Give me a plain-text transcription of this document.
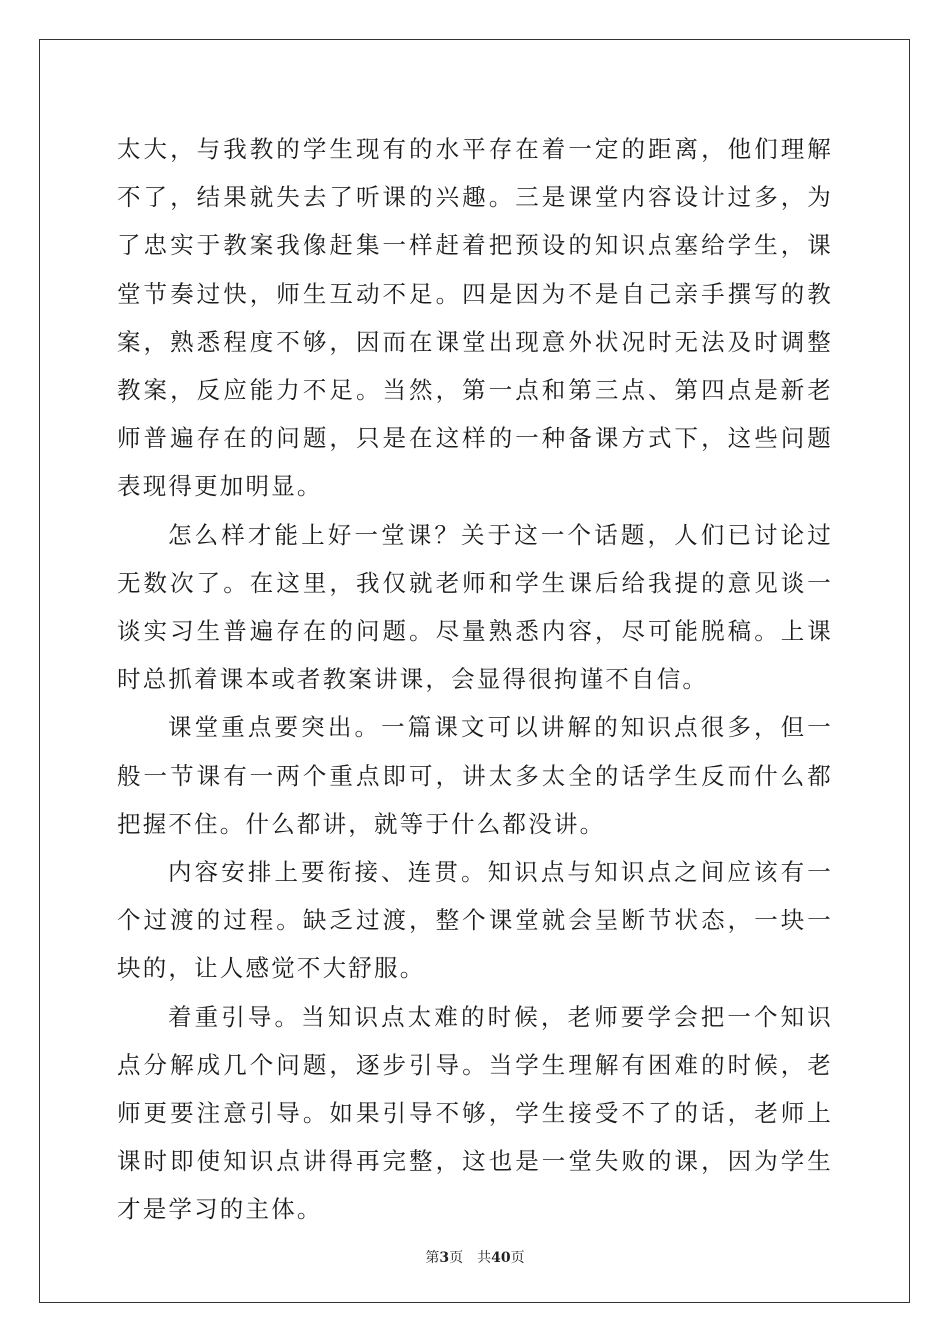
太大，与我教的学生现有的水平存在着一定的距离，他们理解不了，结果就失去了听课的兴趣。三是课堂内容设计过多，为了忠实于教案我像赶集一样赶着把预设的知识点塞给学生，课堂节奏过快，师生互动不足。四是因为不是自己亲手撰写的教案，熟悉程度不够，因而在课堂出现意外状况时无法及时调整教案，反应能力不足。当然，第一点和第三点、第四点是新老师普遍存在的问题，只是在这样的一种备课方式下，这些问题表现得更加明显。

怎么样才能上好一堂课？关于这一个话题，人们已讨论过无数次了。在这里，我仅就老师和学生课后给我提的意见谈一谈实习生普遍存在的问题。尽量熟悉内容，尽可能脱稿。上课时总抓着课本或者教案讲课，会显得很拘谨不自信。

课堂重点要突出。一篇课文可以讲解的知识点很多，但一般一节课有一两个重点即可，讲太多太全的话学生反而什么都把握不住。什么都讲，就等于什么都没讲。

内容安排上要衔接、连贯。知识点与知识点之间应该有一个过渡的过程。缺乏过渡，整个课堂就会呈断节状态，一块一块的，让人感觉不大舒服。

着重引导。当知识点太难的时候，老师要学会把一个知识点分解成几个问题，逐步引导。当学生理解有困难的时候，老师更要注意引导。如果引导不够，学生接受不了的话，老师上课时即使知识点讲得再完整，这也是一堂失败的课，因为学生才是学习的主体。

第3页 共40页
